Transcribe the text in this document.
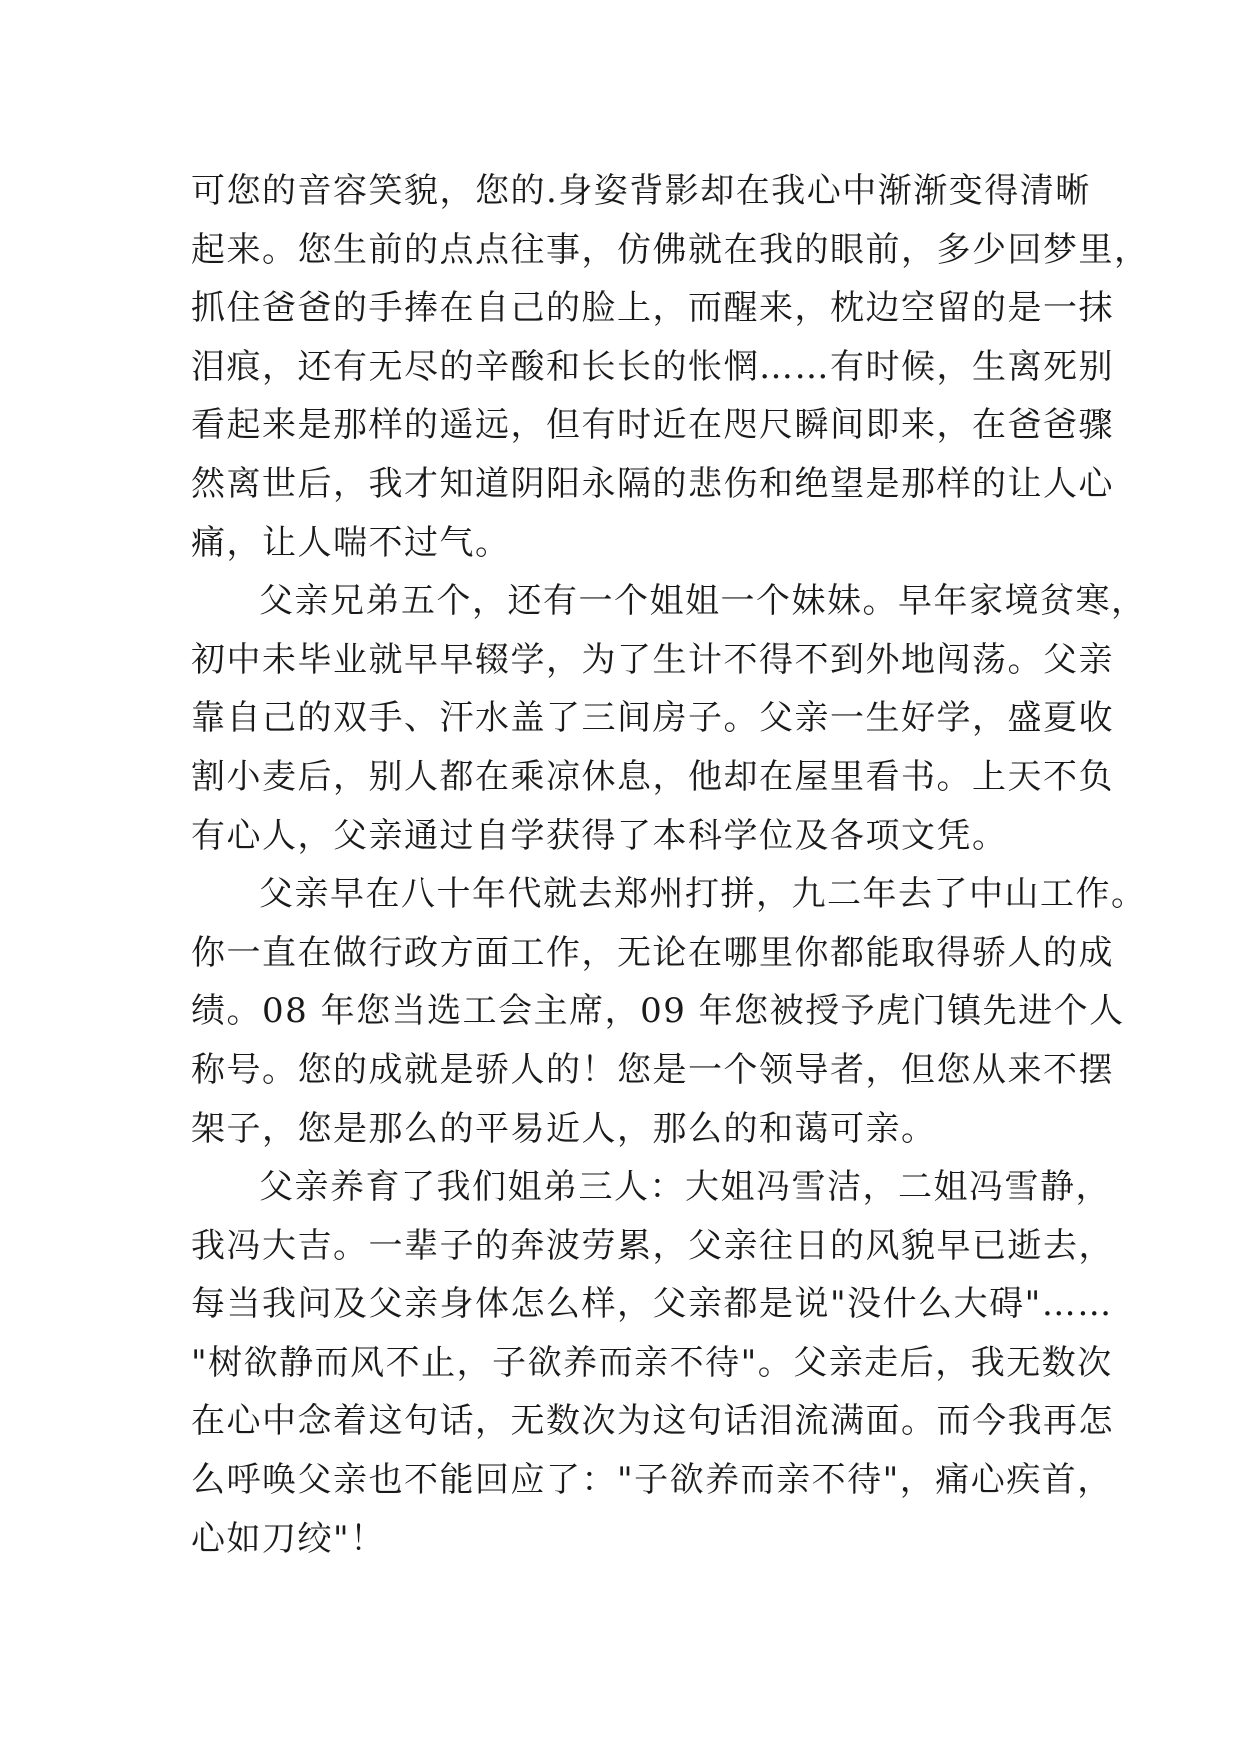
可您的音容笑貌，您的.身姿背影却在我心中渐渐变得清晰
起来。您生前的点点往事，仿佛就在我的眼前，多少回梦里，
抓住爸爸的手捧在自己的脸上，而醒来，枕边空留的是一抹
泪痕，还有无尽的辛酸和长长的怅惘……有时候，生离死别
看起来是那样的遥远，但有时近在咫尺瞬间即来，在爸爸骤
然离世后，我才知道阴阳永隔的悲伤和绝望是那样的让人心
痛，让人喘不过气。
父亲兄弟五个，还有一个姐姐一个妹妹。早年家境贫寒，
初中未毕业就早早辍学，为了生计不得不到外地闯荡。父亲
靠自己的双手、汗水盖了三间房子。父亲一生好学，盛夏收
割小麦后，别人都在乘凉休息，他却在屋里看书。上天不负
有心人，父亲通过自学获得了本科学位及各项文凭。
父亲早在八十年代就去郑州打拼，九二年去了中山工作。
你一直在做行政方面工作，无论在哪里你都能取得骄人的成
绩。08 年您当选工会主席，09 年您被授予虎门镇先进个人
称号。您的成就是骄人的！您是一个领导者，但您从来不摆
架子，您是那么的平易近人，那么的和蔼可亲。
父亲养育了我们姐弟三人：大姐冯雪洁，二姐冯雪静，
我冯大吉。一辈子的奔波劳累，父亲往日的风貌早已逝去，
每当我问及父亲身体怎么样，父亲都是说"没什么大碍"……
"树欲静而风不止，子欲养而亲不待"。父亲走后，我无数次
在心中念着这句话，无数次为这句话泪流满面。而今我再怎
么呼唤父亲也不能回应了："子欲养而亲不待"，痛心疾首，
心如刀绞"！
